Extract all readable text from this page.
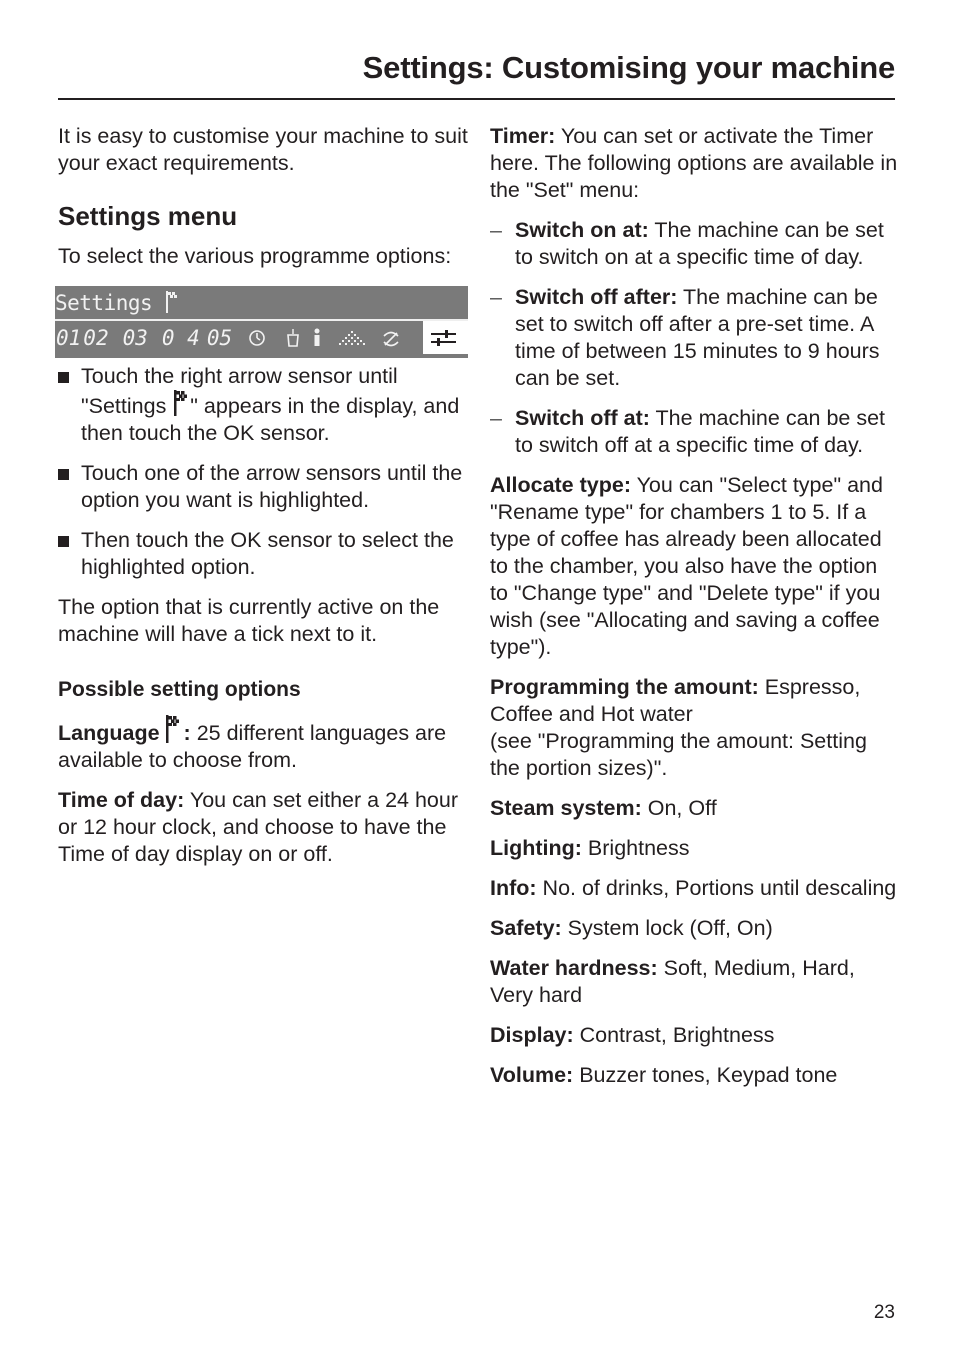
Settings: Customising your machine

It is easy to customise your machine to suit your exact requirements.

Settings menu

To select the various programme options:

Settings
01 02 03 0 4 05
Touch the right arrow sensor until "Settings " appears in the display, and then touch the OK sensor.
Touch one of the arrow sensors until the option you want is highlighted.
Then touch the OK sensor to select the highlighted option.

The option that is currently active on the machine will have a tick next to it.

Possible setting options

Language : 25 different languages are available to choose from.

Time of day: You can set either a 24 hour or 12 hour clock, and choose to have the Time of day display on or off.

Timer: You can set or activate the Timer here. The following options are available in the "Set" menu:

– Switch on at: The machine can be set to switch on at a specific time of day.
– Switch off after: The machine can be set to switch off after a pre-set time. A time of between 15 minutes to 9 hours can be set.
– Switch off at: The machine can be set to switch off at a specific time of day.

Allocate type: You can "Select type" and "Rename type" for chambers 1 to 5. If a type of coffee has already been allocated to the chamber, you also have the option to "Change type" and "Delete type" if you wish (see "Allocating and saving a coffee type").

Programming the amount: Espresso, Coffee and Hot water
(see "Programming the amount: Setting the portion sizes)".

Steam system: On, Off

Lighting: Brightness

Info: No. of drinks, Portions until descaling

Safety: System lock (Off, On)

Water hardness: Soft, Medium, Hard, Very hard

Display: Contrast, Brightness

Volume: Buzzer tones, Keypad tone

23
